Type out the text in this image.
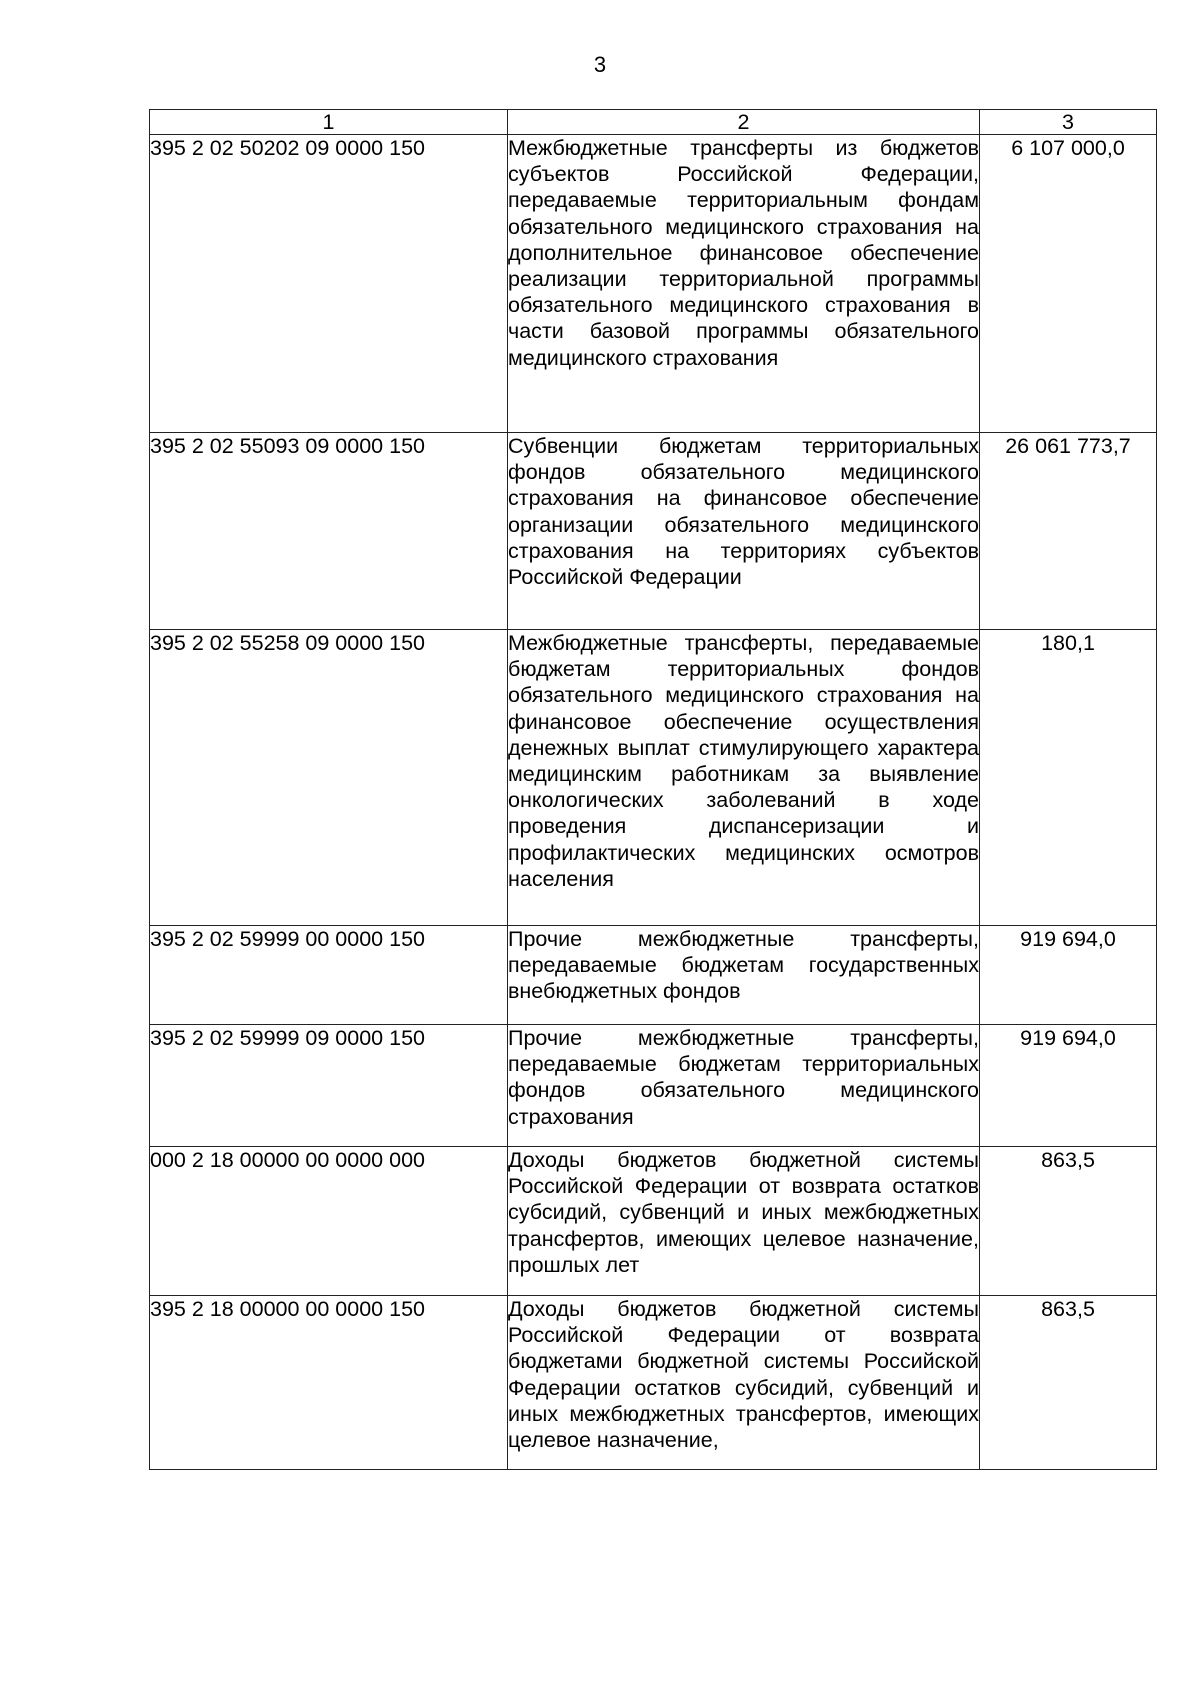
3
1	2	3
395 2 02 50202 09 0000 150	Межбюджетные трансферты из бюджетов субъектов Российской Федерации, передаваемые территориальным фондам обязательного медицинского страхования на дополнительное финансовое обеспечение реализации территориальной программы обязательного медицинского страхования в части базовой программы обязательного медицинского страхования	6 107 000,0
395 2 02 55093 09 0000 150	Субвенции бюджетам территориальных фондов обязательного медицинского страхования на финансовое обеспечение организации обязательного медицинского страхования на территориях субъектов Российской Федерации	26 061 773,7
395 2 02 55258 09 0000 150	Межбюджетные трансферты, передаваемые бюджетам территориальных фондов обязательного медицинского страхования на финансовое обеспечение осуществления денежных выплат стимулирующего характера медицинским работникам за выявление онкологических заболеваний в ходе проведения диспансеризации и профилактических медицинских осмотров населения	180,1
395 2 02 59999 00 0000 150	Прочие межбюджетные трансферты, передаваемые бюджетам государственных внебюджетных фондов	919 694,0
395 2 02 59999 09 0000 150	Прочие межбюджетные трансферты, передаваемые бюджетам территориальных фондов обязательного медицинского страхования	919 694,0
000 2 18 00000 00 0000 000	Доходы бюджетов бюджетной системы Российской Федерации от возврата остатков субсидий, субвенций и иных межбюджетных трансфертов, имеющих целевое назначение, прошлых лет	863,5
395 2 18 00000 00 0000 150	Доходы бюджетов бюджетной системы Российской Федерации от возврата бюджетами бюджетной системы Российской Федерации остатков субсидий, субвенций и иных межбюджетных трансфертов, имеющих целевое назначение,	863,5
